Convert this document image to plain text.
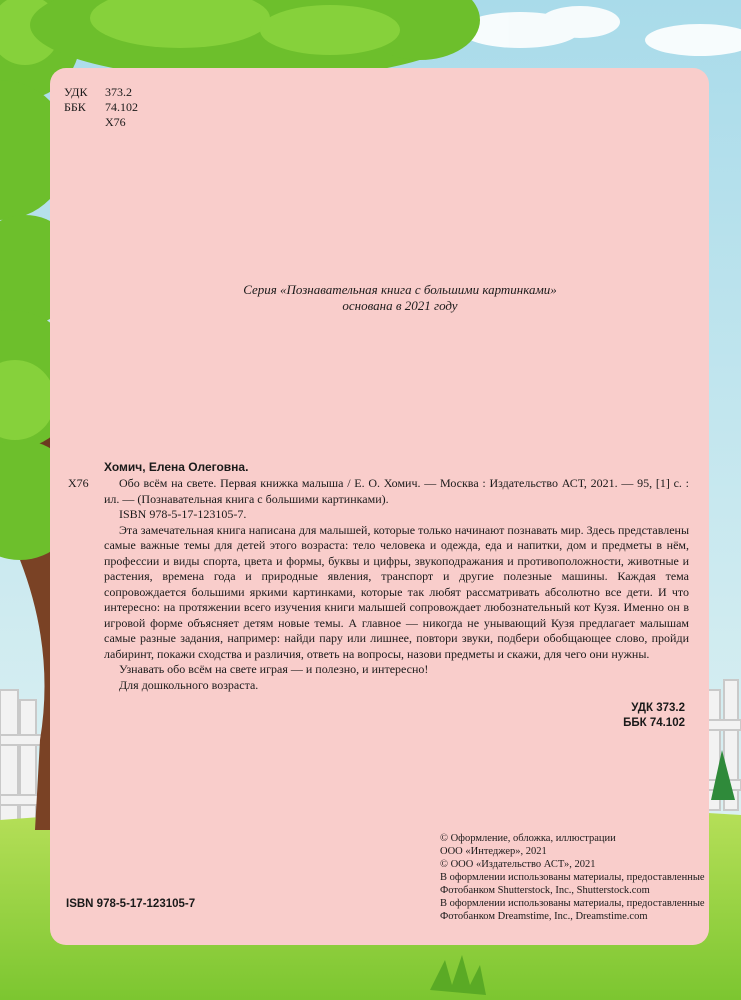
УДК	373.2
ББК	74.102
Х76
Серия «Познавательная книга с большими картинками»
основана в 2021 году
Хомич, Елена Олеговна.
Х76	Обо всём на свете. Первая книжка малыша / Е. О. Хомич. — Москва : Издательство АСТ, 2021. — 95, [1] с. : ил. — (Познавательная книга с большими картинками).

ISBN 978-5-17-123105-7.

Эта замечательная книга написана для малышей, которые только начинают познавать мир. Здесь представлены самые важные темы для детей этого возраста: тело человека и одежда, еда и напитки, дом и предметы в нём, профессии и виды спорта, цвета и формы, буквы и цифры, звукоподражания и противоположности, животные и растения, времена года и природные явления, транспорт и другие полезные машины. Каждая тема сопровождается большими яркими картинками, которые так любят рассматривать абсолютно все дети. И что интересно: на протяжении всего изучения книги малышей сопровождает любознательный кот Кузя. Именно он в игровой форме объясняет детям новые темы. А главное — никогда не унывающий Кузя предлагает малышам самые разные задания, например: найди пару или лишнее, повтори звуки, подбери обобщающее слово, пройди лабиринт, покажи сходства и различия, ответь на вопросы, назови предметы и скажи, для чего они нужны.

Узнавать обо всём на свете играя — и полезно, и интересно!

Для дошкольного возраста.

УДК 373.2
ББК 74.102
© Оформление, обложка, иллюстрации
ООО «Интеджер», 2021
© ООО «Издательство АСТ», 2021
В оформлении использованы материалы, предоставленные
Фотобанком Shutterstock, Inc., Shutterstock.com
В оформлении использованы материалы, предоставленные
Фотобанком Dreamstime, Inc., Dreamstime.com
ISBN 978-5-17-123105-7
